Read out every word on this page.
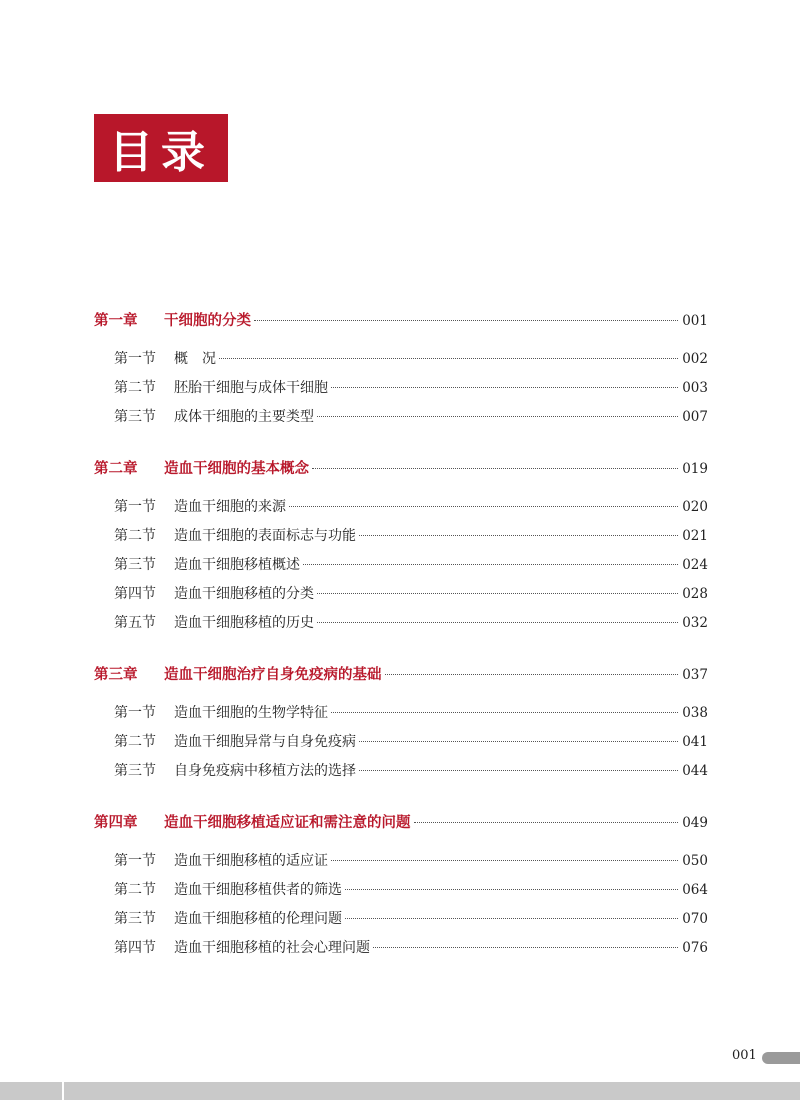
目录
第一章	干细胞的分类	001
第一节	概　况	002
第二节	胚胎干细胞与成体干细胞	003
第三节	成体干细胞的主要类型	007
第二章	造血干细胞的基本概念	019
第一节	造血干细胞的来源	020
第二节	造血干细胞的表面标志与功能	021
第三节	造血干细胞移植概述	024
第四节	造血干细胞移植的分类	028
第五节	造血干细胞移植的历史	032
第三章	造血干细胞治疗自身免疫病的基础	037
第一节	造血干细胞的生物学特征	038
第二节	造血干细胞异常与自身免疫病	041
第三节	自身免疫病中移植方法的选择	044
第四章	造血干细胞移植适应证和需注意的问题	049
第一节	造血干细胞移植的适应证	050
第二节	造血干细胞移植供者的筛选	064
第三节	造血干细胞移植的伦理问题	070
第四节	造血干细胞移植的社会心理问题	076
001
